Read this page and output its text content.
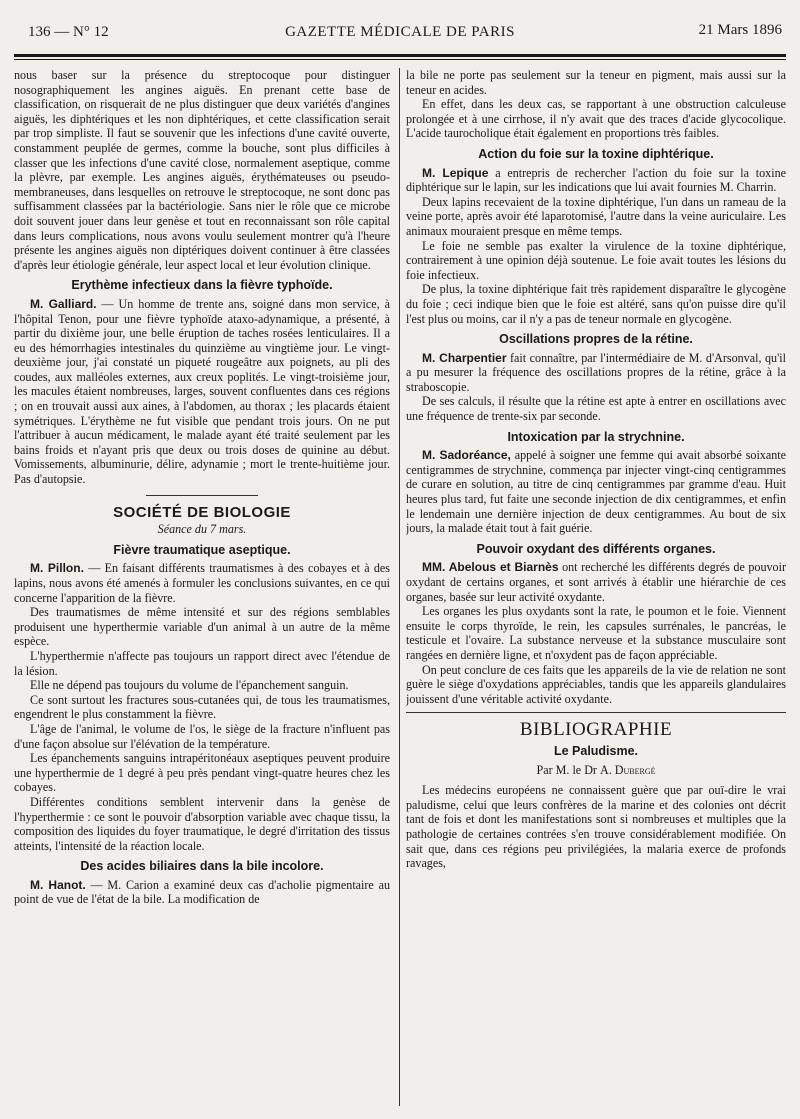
136 — N° 12	GAZETTE MÉDICALE DE PARIS	21 Mars 1896

nous baser sur la présence du streptocoque pour distinguer nosographiquement les angines aiguës. En prenant cette base de classification, on risquerait de ne plus distinguer que deux variétés d'angines aiguës, les diphtériques et les non diphtériques, et cette classification serait par trop simpliste. Il faut se souvenir que les infections d'une cavité ouverte, constamment peuplée de germes, comme la bouche, sont plus difficiles à classer que les infections d'une cavité close, normalement aseptique, comme la plèvre, par exemple. Les angines aiguës, érythémateuses ou pseudo-membraneuses, dans lesquelles on retrouve le streptocoque, ne sont donc pas suffisamment classées par la bactériologie. Sans nier le rôle que ce microbe doit souvent jouer dans leur genèse et tout en reconnaissant son rôle capital dans leurs complications, nous avons voulu seulement montrer qu'à l'heure présente les angines aiguës non diptériques doivent continuer à être classées d'après leur étiologie générale, leur aspect local et leur évolution clinique.

Erythème infectieux dans la fièvre typhoïde.

M. Galliard. — Un homme de trente ans, soigné dans mon service, à l'hôpital Tenon, pour une fièvre typhoïde ataxo-adynamique, a présenté, à partir du dixième jour, une belle éruption de taches rosées lenticulaires. Il a eu des hémorrhagies intestinales du quinzième au vingtième jour. Le vingt-deuxième jour, j'ai constaté un piqueté rougeâtre aux poignets, au pli des coudes, aux malléoles externes, aux creux poplités. Le vingt-troisième jour, les macules étaient nombreuses, larges, souvent confluentes dans ces régions ; on en trouvait aussi aux aines, à l'abdomen, au thorax ; les placards étaient symétriques. L'érythème ne fut visible que pendant trois jours. On ne put l'attribuer à aucun médicament, le malade ayant été traité seulement par les bains froids et n'ayant pris que deux ou trois doses de quinine au début. Vomissements, albuminurie, délire, adynamie ; mort le trente-huitième jour. Pas d'autopsie.

SOCIÉTÉ DE BIOLOGIE
Séance du 7 mars.
Fièvre traumatique aseptique.

M. Pillon. — En faisant différents traumatismes à des cobayes et à des lapins, nous avons été amenés à formuler les conclusions suivantes, en ce qui concerne l'apparition de la fièvre.

Des traumatismes de même intensité et sur des régions semblables produisent une hyperthermie variable d'un animal à un autre de la même espèce.

L'hyperthermie n'affecte pas toujours un rapport direct avec l'étendue de la lésion.

Elle ne dépend pas toujours du volume de l'épanchement sanguin.

Ce sont surtout les fractures sous-cutanées qui, de tous les traumatismes, engendrent le plus constamment la fièvre.

L'âge de l'animal, le volume de l'os, le siège de la fracture n'influent pas d'une façon absolue sur l'élévation de la température.

Les épanchements sanguins intrapéritonéaux aseptiques peuvent produire une hyperthermie de 1 degré à peu près pendant vingt-quatre heures chez les cobayes.

Différentes conditions semblent intervenir dans la genèse de l'hyperthermie : ce sont le pouvoir d'absorption variable avec chaque tissu, la composition des liquides du foyer traumatique, le degré d'irritation des tissus atteints, l'intensité de la réaction locale.

Des acides biliaires dans la bile incolore.

M. Hanot. — M. Carion a examiné deux cas d'acholie pigmentaire au point de vue de l'état de la bile. La modification de

la bile ne porte pas seulement sur la teneur en pigment, mais aussi sur la teneur en acides.

En effet, dans les deux cas, se rapportant à une obstruction calculeuse prolongée et à une cirrhose, il n'y avait que des traces d'acide glycocolique. L'acide taurocholique était également en proportions très faibles.

Action du foie sur la toxine diphtérique.

M. Lepique a entrepris de rechercher l'action du foie sur la toxine diphtérique sur le lapin, sur les indications que lui avait fournies M. Charrin.

Deux lapins recevaient de la toxine diphtérique, l'un dans un rameau de la veine porte, après avoir été laparotomisé, l'autre dans la veine auriculaire. Les animaux mouraient presque en même temps.

Le foie ne semble pas exalter la virulence de la toxine diphtérique, contrairement à une opinion déjà soutenue. Le foie avait toutes les lésions du foie infectieux.

De plus, la toxine diphtérique fait très rapidement disparaître le glycogène du foie ; ceci indique bien que le foie est altéré, sans qu'on puisse dire qu'il l'est plus ou moins, car il n'y a pas de teneur normale en glycogène.

Oscillations propres de la rétine.

M. Charpentier fait connaître, par l'intermédiaire de M. d'Arsonval, qu'il a pu mesurer la fréquence des oscillations propres de la rétine, grâce à la straboscopie.

De ses calculs, il résulte que la rétine est apte à entrer en oscillations avec une fréquence de trente-six par seconde.

Intoxication par la strychnine.

M. Sadoréance, appelé à soigner une femme qui avait absorbé soixante centigrammes de strychnine, commença par injecter vingt-cinq centigrammes de curare en solution, au titre de cinq centigrammes par gramme d'eau. Huit heures plus tard, fut faite une seconde injection de dix centigrammes, et enfin le lendemain une dernière injection de deux centigrammes. Au bout de six jours, la malade était tout à fait guérie.

Pouvoir oxydant des différents organes.

MM. Abelous et Biarnès ont recherché les différents degrés de pouvoir oxydant de certains organes, et sont arrivés à établir une hiérarchie de ces organes, basée sur leur activité oxydante.

Les organes les plus oxydants sont la rate, le poumon et le foie. Viennent ensuite le corps thyroïde, le rein, les capsules surrénales, le pancréas, le testicule et l'ovaire. La substance nerveuse et la substance musculaire sont rangées en dernière ligne, et n'oxydent pas de façon appréciable.

On peut conclure de ces faits que les appareils de la vie de relation ne sont guère le siège d'oxydations appréciables, tandis que les appareils glandulaires jouissent d'une véritable activité oxydante.

BIBLIOGRAPHIE
Le Paludisme.
Par M. le Dr A. Dubergé

Les médecins européens ne connaissent guère que par ouï-dire le vrai paludisme, celui que leurs confrères de la marine et des colonies ont décrit tant de fois et dont les manifestations sont si nombreuses et multiples que la pathologie de certaines contrées s'en trouve considérablement modifiée. On sait que, dans ces régions peu privilégiées, la malaria exerce de profonds ravages,
